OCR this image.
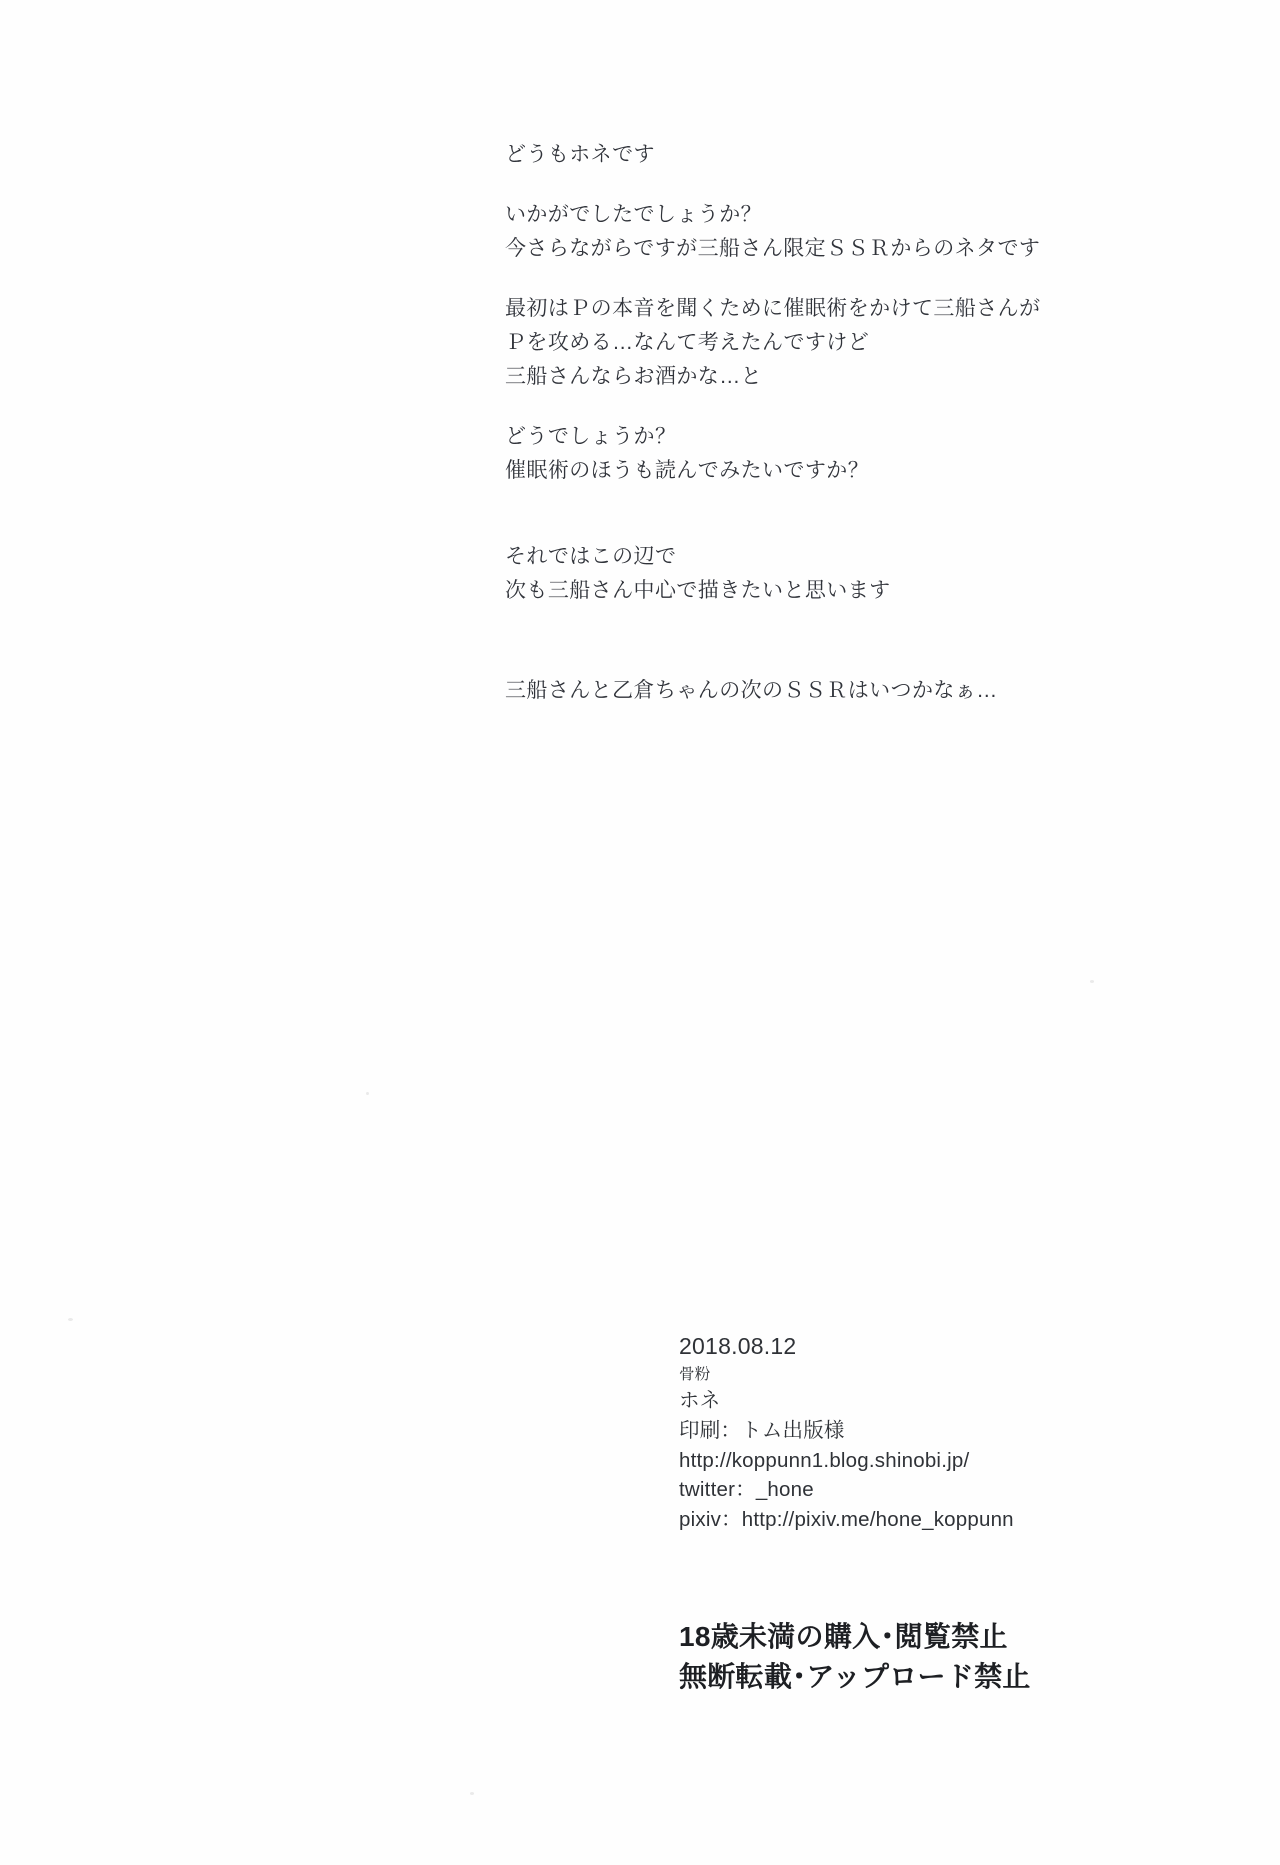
どうもホネです

いかがでしたでしょうか？
今さらながらですが三船さん限定ＳＳＲからのネタです

最初はＰの本音を聞くために催眠術をかけて三船さんが
Ｐを攻める…なんて考えたんですけど
三船さんならお酒かな…と

どうでしょうか？
催眠術のほうも読んでみたいですか？

それではこの辺で
次も三船さん中心で描きたいと思います

三船さんと乙倉ちゃんの次のＳＳＲはいつかなぁ…

2018.08.12
骨粉
ホネ
印刷：トム出版様
http://koppunn1.blog.shinobi.jp/
twitter：_hone
pixiv：http://pixiv.me/hone_koppunn
18歳未満の購入･閲覧禁止
無断転載･アップロード禁止
